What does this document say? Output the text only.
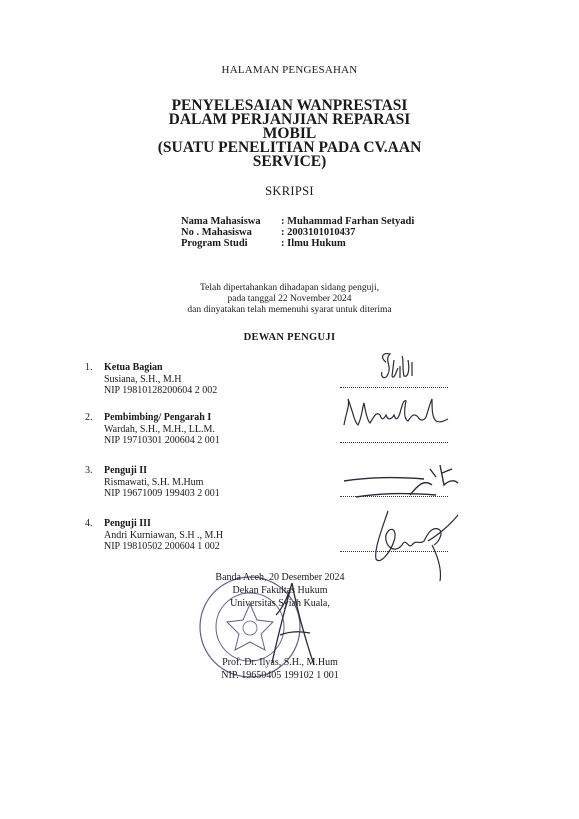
HALAMAN PENGESAHAN
PENYELESAIAN WANPRESTASI
DALAM PERJANJIAN REPARASI
MOBIL
(SUATU PENELITIAN PADA CV.AAN
SERVICE)
SKRIPSI
Nama Mahasiswa	: Muhammad Farhan Setyadi
No . Mahasiswa	: 2003101010437
Program Studi	: Ilmu Hukum
Telah dipertahankan dihadapan sidang penguji,
pada tanggal 22 November 2024
dan dinyatakan telah memenuhi syarat untuk diterima
DEWAN PENGUJI
1.	Ketua Bagian
Susiana, S.H., M.H
NIP 19810128200604 2 002
2.	Pembimbing/ Pengarah I
Wardah, S.H., M.H., LL.M.
NIP 19710301 200604 2 001
3.	Penguji II
Rismawati, S.H. M.Hum
NIP 19671009 199403 2 001
4.	Penguji III
Andri Kurniawan, S.H ., M.H
NIP 19810502 200604 1 002
Banda Aceh, 20 Desember 2024
Dekan Fakultas Hukum
Universitas Syiah Kuala,
Prof. Dr. Ilyas, S.H., M.Hum
NIP. 19650405 199102 1 001
